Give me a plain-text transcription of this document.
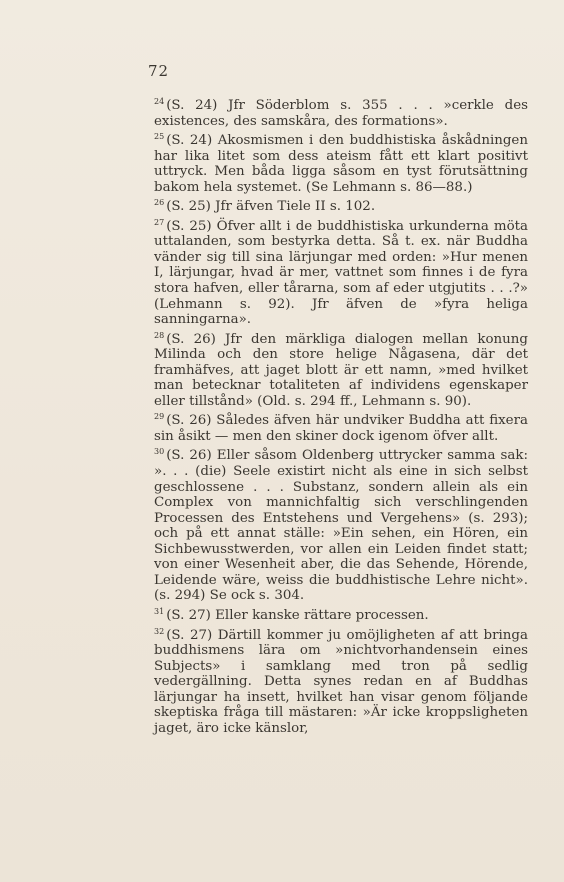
72

$^{24}$ (S. 24) Jfr Söderblom s. 355 . . . »cerkle des existences, des samskåra, des formations».

$^{25}$ (S. 24) Akosmismen i den buddhistiska åskådningen har lika litet som dess ateism fått ett klart positivt uttryck. Men båda ligga såsom en tyst förutsättning bakom hela systemet. (Se Lehmann s. 86—88.)

$^{26}$ (S. 25) Jfr äfven Tiele II s. 102.

$^{27}$ (S. 25) Öfver allt i de buddhistiska urkunderna möta uttalanden, som bestyrka detta. Så t. ex. när Buddha vänder sig till sina lärjungar med orden: »Hur menen I, lärjungar, hvad är mer, vattnet som finnes i de fyra stora hafven, eller tårarna, som af eder utgjutits . . .?» (Lehmann s. 92). Jfr äfven de »fyra heliga sanningarna».

$^{28}$ (S. 26) Jfr den märkliga dialogen mellan konung Milinda och den store helige Någasena, där det framhäfves, att jaget blott är ett namn, »med hvilket man betecknar totaliteten af individens egenskaper eller tillstånd» (Old. s. 294 ff., Lehmann s. 90).

$^{29}$ (S. 26) Således äfven här undviker Buddha att fixera sin åsikt — men den skiner dock igenom öfver allt.

$^{30}$ (S. 26) Eller såsom Oldenberg uttrycker samma sak: ». . . (die) Seele existirt nicht als eine in sich selbst geschlossene . . . Substanz, sondern allein als ein Complex von mannichfaltig sich verschlingenden Processen des Entstehens und Vergehens» (s. 293); och på ett annat ställe: »Ein sehen, ein Hören, ein Sichbewusstwerden, vor allen ein Leiden findet statt; von einer Wesenheit aber, die das Sehende, Hörende, Leidende wäre, weiss die buddhistische Lehre nicht». (s. 294) Se ock s. 304.

$^{31}$ (S. 27) Eller kanske rättare processen.

$^{32}$ (S. 27) Därtill kommer ju omöjligheten af att bringa buddhismens lära om »nichtvorhandensein eines Subjects» i samklang med tron på sedlig vedergällning. Detta synes redan en af Buddhas lärjungar ha insett, hvilket han visar genom följande skeptiska fråga till mästaren: »Är icke kroppsligheten jaget, äro icke känslor,
